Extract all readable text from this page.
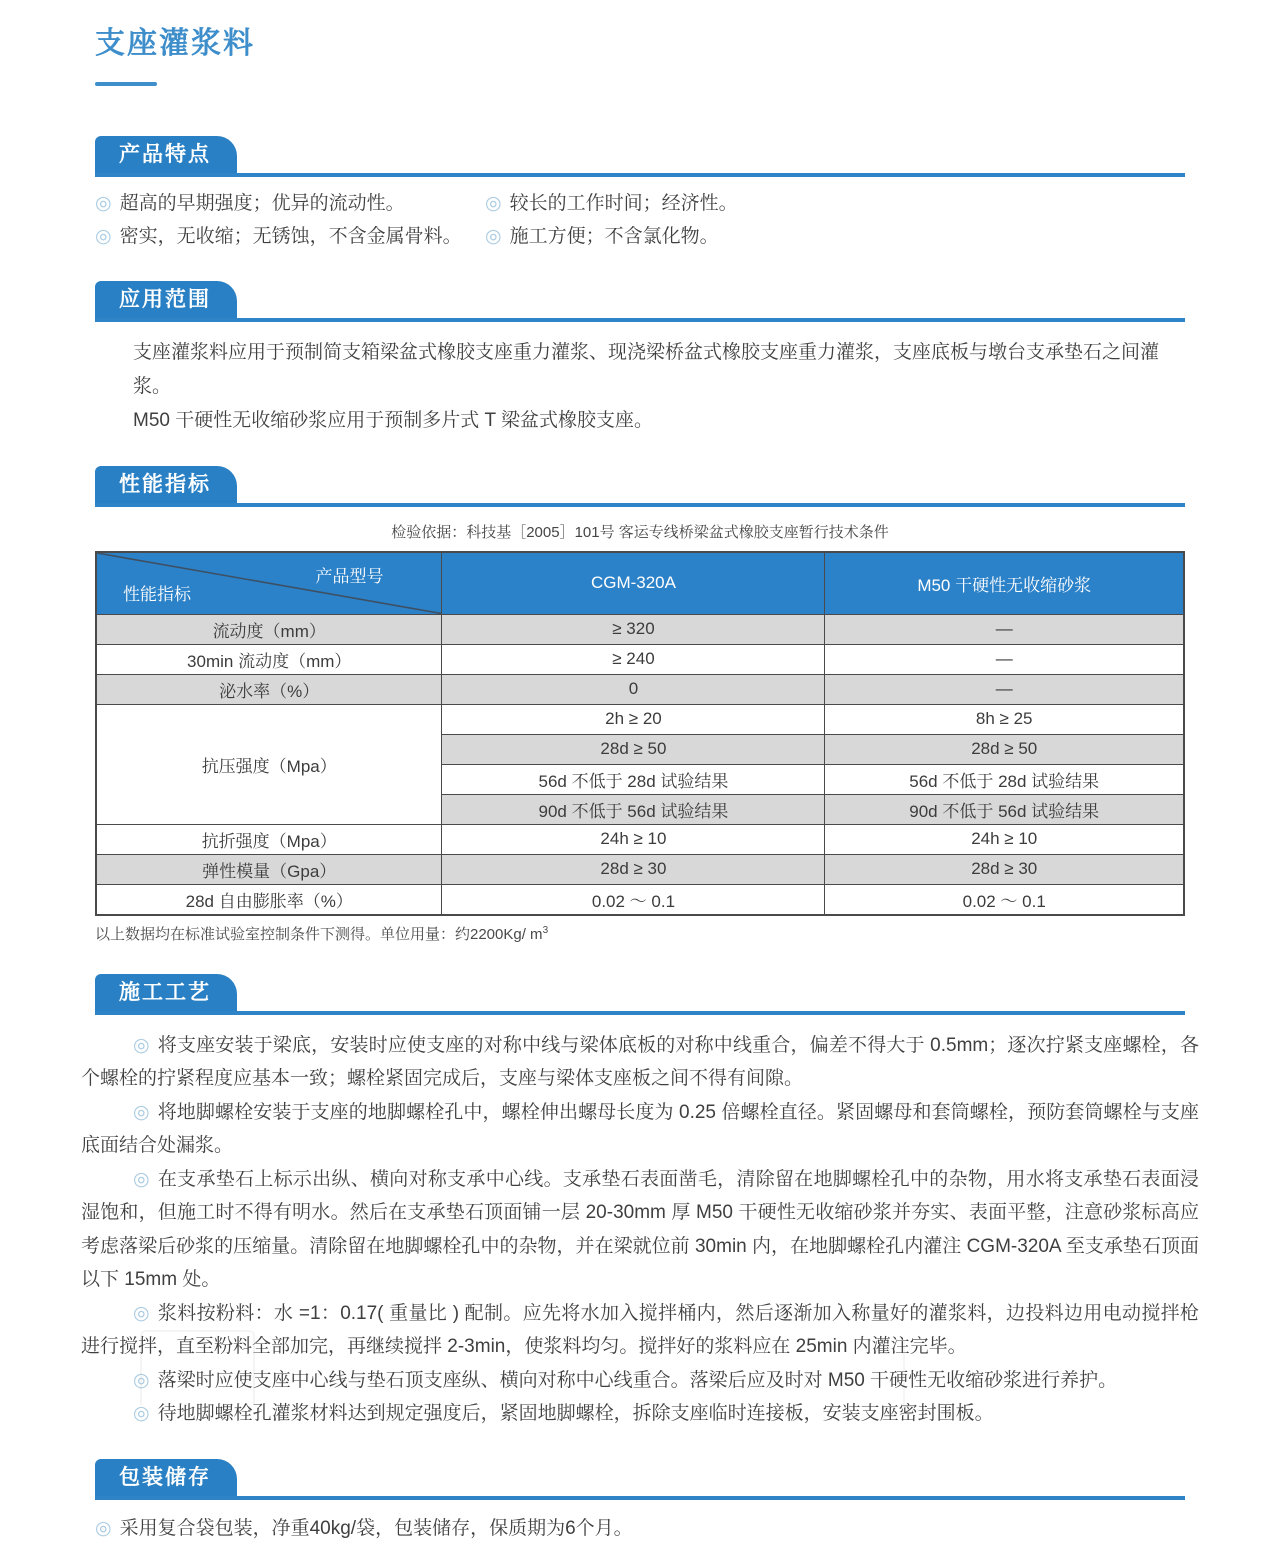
支座灌浆料
产品特点
◎ 超高的早期强度；优异的流动性。	◎ 较长的工作时间；经济性。
◎ 密实，无收缩；无锈蚀，不含金属骨料。	◎ 施工方便；不含氯化物。
应用范围

支座灌浆料应用于预制简支箱梁盆式橡胶支座重力灌浆、现浇梁桥盆式橡胶支座重力灌浆，支座底板与墩台支承垫石之间灌浆。

M50 干硬性无收缩砂浆应用于预制多片式 T 梁盆式橡胶支座。

性能指标
检验依据：科技基［2005］101号 客运专线桥梁盆式橡胶支座暂行技术条件
产品型号
性能指标	CGM-320A	M50 干硬性无收缩砂浆
流动度（mm）	≥ 320	—
30min 流动度（mm）	≥ 240	—
泌水率（%）	0	—
抗压强度（Mpa）	2h ≥ 20	8h ≥ 25
	28d ≥ 50	28d ≥ 50
	56d 不低于 28d 试验结果	56d 不低于 28d 试验结果
	90d 不低于 56d 试验结果	90d 不低于 56d 试验结果
抗折强度（Mpa）	24h ≥ 10	24h ≥ 10
弹性模量（Gpa）	28d ≥ 30	28d ≥ 30
28d 自由膨胀率（%）	0.02 ～ 0.1	0.02 ～ 0.1
以上数据均在标准试验室控制条件下测得。单位用量：约2200Kg/ $m^3$
施工工艺

◎ 将支座安装于梁底，安装时应使支座的对称中线与梁体底板的对称中线重合，偏差不得大于 0.5mm；逐次拧紧支座螺栓，各个螺栓的拧紧程度应基本一致；螺栓紧固完成后，支座与梁体支座板之间不得有间隙。

◎ 将地脚螺栓安装于支座的地脚螺栓孔中，螺栓伸出螺母长度为 0.25 倍螺栓直径。紧固螺母和套筒螺栓，预防套筒螺栓与支座底面结合处漏浆。

◎ 在支承垫石上标示出纵、横向对称支承中心线。支承垫石表面凿毛，清除留在地脚螺栓孔中的杂物，用水将支承垫石表面浸湿饱和，但施工时不得有明水。然后在支承垫石顶面铺一层 20-30mm 厚 M50 干硬性无收缩砂浆并夯实、表面平整，注意砂浆标高应考虑落梁后砂浆的压缩量。清除留在地脚螺栓孔中的杂物，并在梁就位前 30min 内，在地脚螺栓孔内灌注 CGM-320A 至支承垫石顶面以下 15mm 处。

◎ 浆料按粉料：水 =1：0.17( 重量比 ) 配制。应先将水加入搅拌桶内，然后逐渐加入称量好的灌浆料，边投料边用电动搅拌枪进行搅拌，直至粉料全部加完，再继续搅拌 2-3min，使浆料均匀。搅拌好的浆料应在 25min 内灌注完毕。

◎ 落梁时应使支座中心线与垫石顶支座纵、横向对称中心线重合。落梁后应及时对 M50 干硬性无收缩砂浆进行养护。

◎ 待地脚螺栓孔灌浆材料达到规定强度后，紧固地脚螺栓，拆除支座临时连接板，安装支座密封围板。

包装储存

◎ 采用复合袋包装，净重40kg/袋，包装储存，保质期为6个月。
